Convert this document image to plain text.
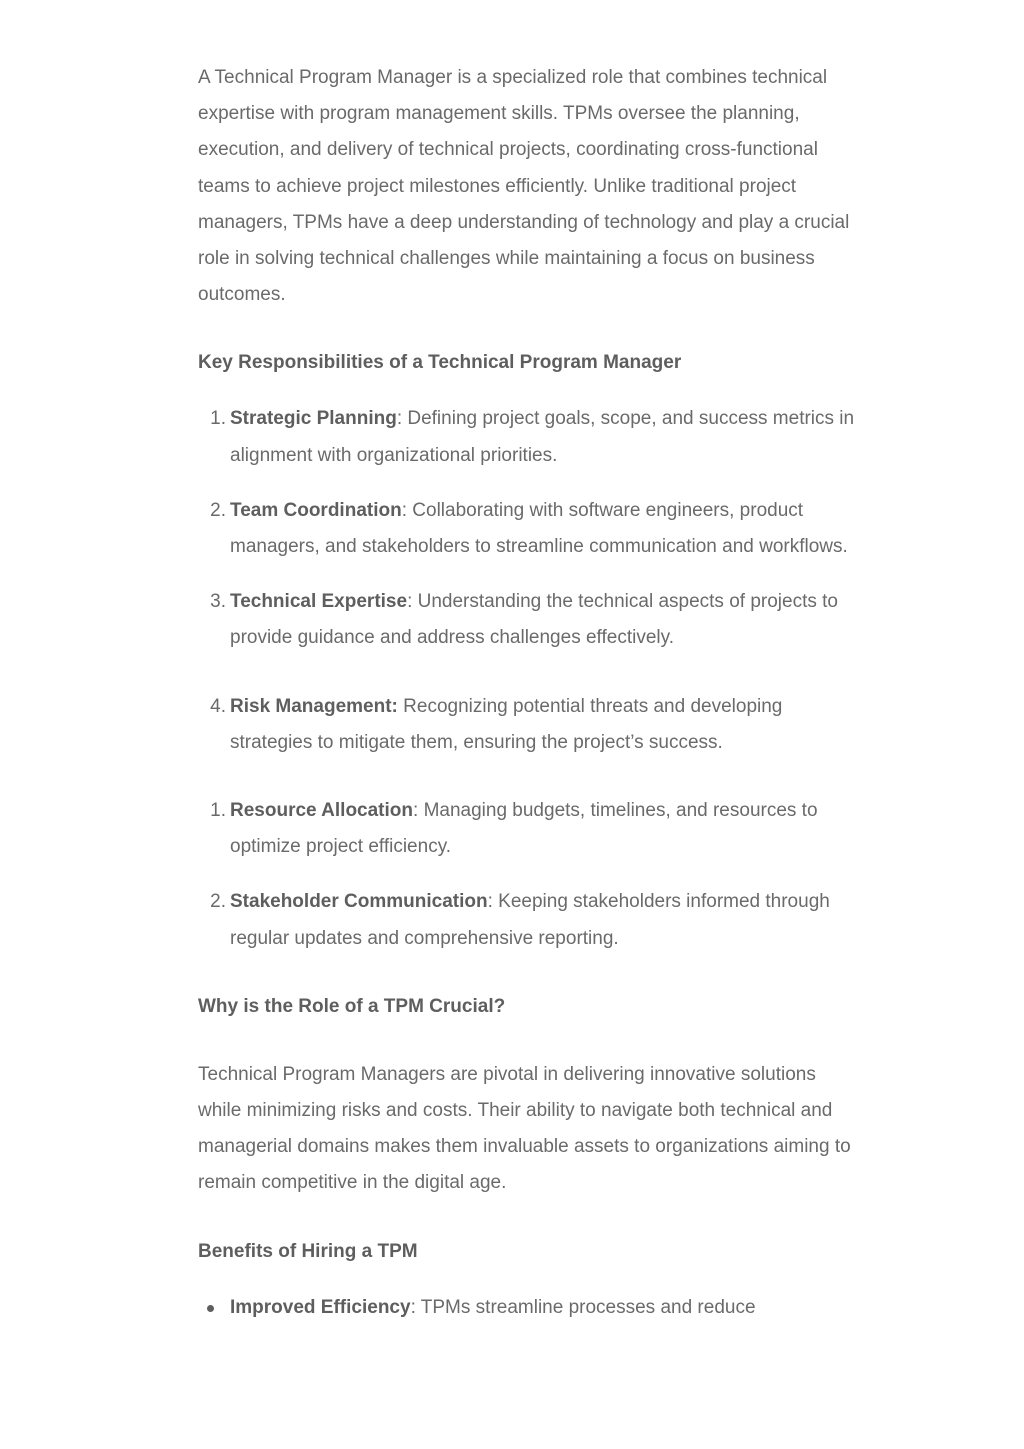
A Technical Program Manager is a specialized role that combines technical expertise with program management skills. TPMs oversee the planning, execution, and delivery of technical projects, coordinating cross-functional teams to achieve project milestones efficiently. Unlike traditional project managers, TPMs have a deep understanding of technology and play a crucial role in solving technical challenges while maintaining a focus on business outcomes.

Key Responsibilities of a Technical Program Manager
1. Strategic Planning: Defining project goals, scope, and success metrics in alignment with organizational priorities.
2. Team Coordination: Collaborating with software engineers, product managers, and stakeholders to streamline communication and workflows.
3. Technical Expertise: Understanding the technical aspects of projects to provide guidance and address challenges effectively.
4. Risk Management: Recognizing potential threats and developing strategies to mitigate them, ensuring the project’s success.
1. Resource Allocation: Managing budgets, timelines, and resources to optimize project efficiency.
2. Stakeholder Communication: Keeping stakeholders informed through regular updates and comprehensive reporting.
Why is the Role of a TPM Crucial?

Technical Program Managers are pivotal in delivering innovative solutions while minimizing risks and costs. Their ability to navigate both technical and managerial domains makes them invaluable assets to organizations aiming to remain competitive in the digital age.

Benefits of Hiring a TPM
Improved Efficiency: TPMs streamline processes and reduce
